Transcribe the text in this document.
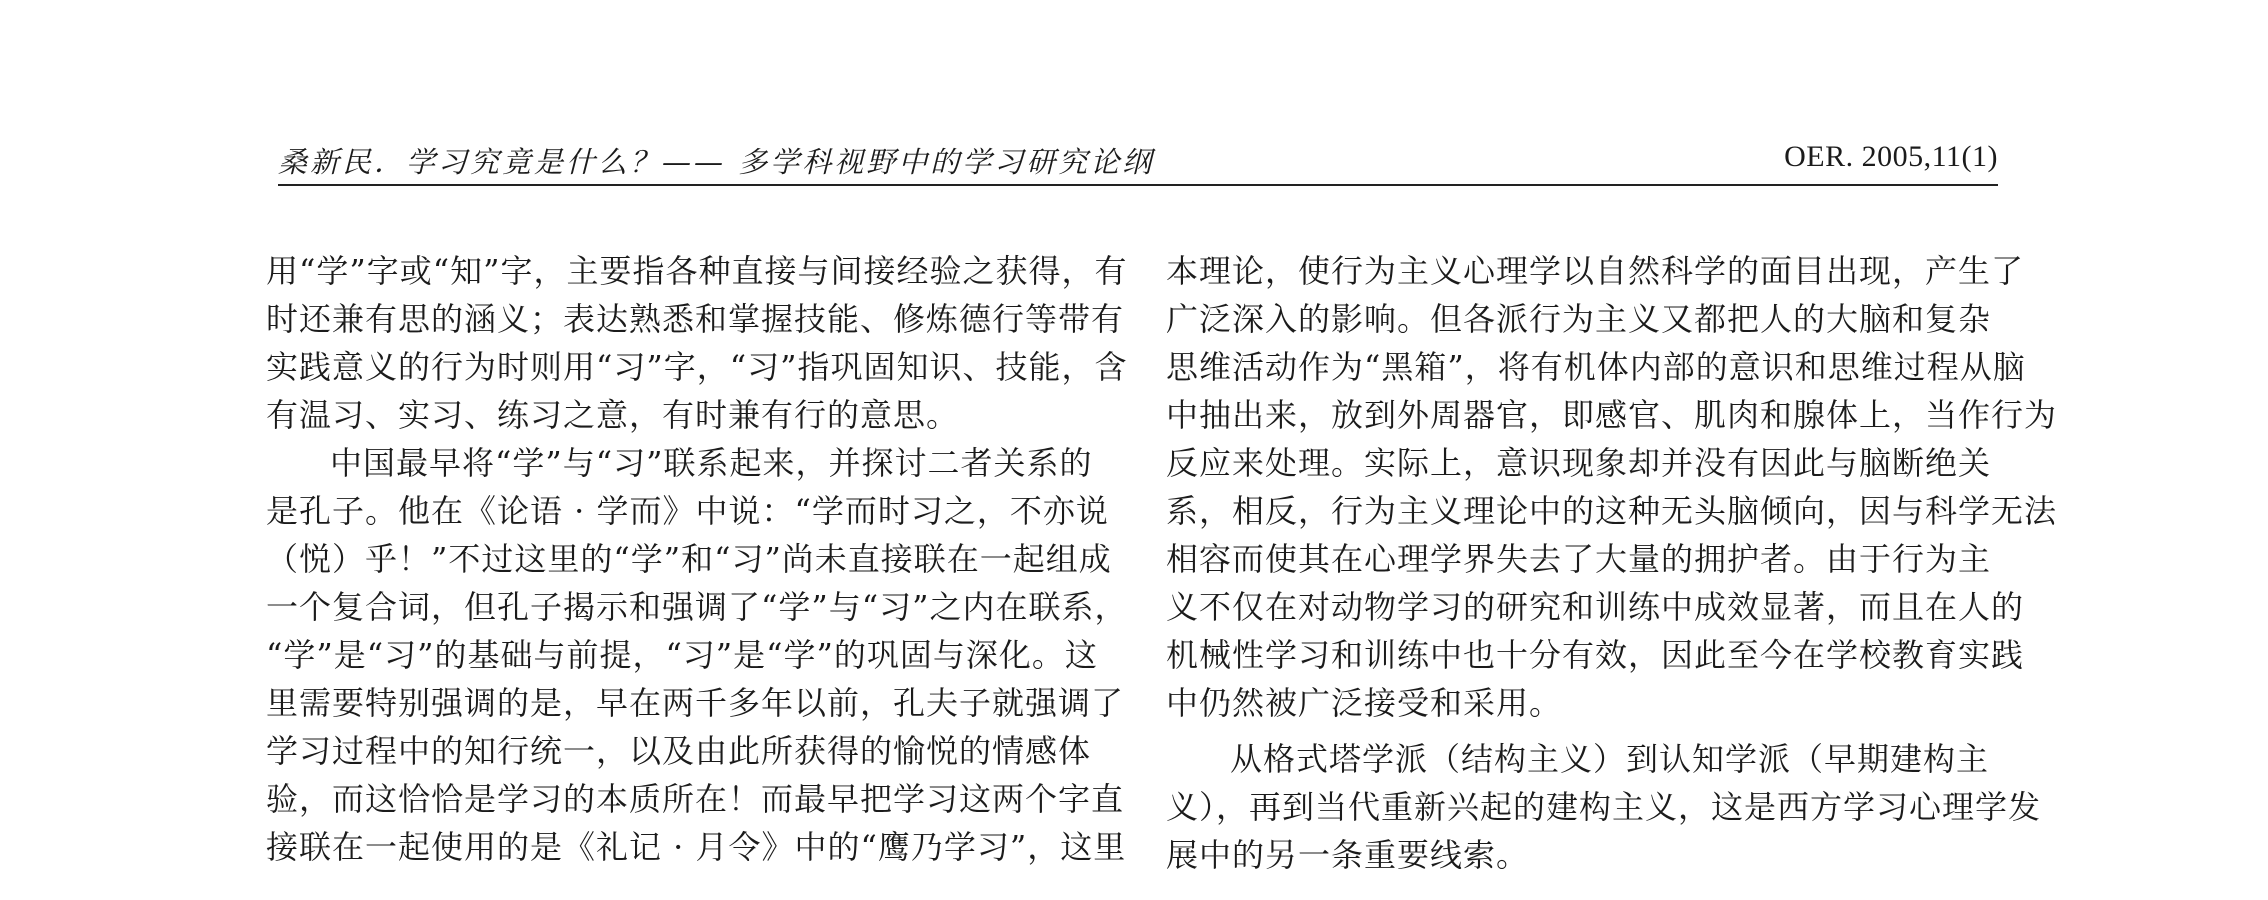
桑新民．学习究竟是什么？—— 多学科视野中的学习研究论纲	OER. 2005,11(1)

用“学”字或“知”字，主要指各种直接与间接经验之获得，有
时还兼有思的涵义；表达熟悉和掌握技能、修炼德行等带有
实践意义的行为时则用“习”字，“习”指巩固知识、技能，含
有温习、实习、练习之意，有时兼有行的意思。

中国最早将“学”与“习”联系起来，并探讨二者关系的
是孔子。他在《论语 · 学而》中说：“学而时习之，不亦说
（悦）乎！”不过这里的“学”和“习”尚未直接联在一起组成
一个复合词，但孔子揭示和强调了“学”与“习”之内在联系，
“学”是“习”的基础与前提，“习”是“学”的巩固与深化。这
里需要特别强调的是，早在两千多年以前，孔夫子就强调了
学习过程中的知行统一，以及由此所获得的愉悦的情感体
验，而这恰恰是学习的本质所在！而最早把学习这两个字直
接联在一起使用的是《礼记 · 月令》中的“鹰乃学习”，这里

本理论，使行为主义心理学以自然科学的面目出现，产生了
广泛深入的影响。但各派行为主义又都把人的大脑和复杂
思维活动作为“黑箱”，将有机体内部的意识和思维过程从脑
中抽出来，放到外周器官，即感官、肌肉和腺体上，当作行为
反应来处理。实际上，意识现象却并没有因此与脑断绝关
系，相反，行为主义理论中的这种无头脑倾向，因与科学无法
相容而使其在心理学界失去了大量的拥护者。由于行为主
义不仅在对动物学习的研究和训练中成效显著，而且在人的
机械性学习和训练中也十分有效，因此至今在学校教育实践
中仍然被广泛接受和采用。

从格式塔学派（结构主义）到认知学派（早期建构主
义），再到当代重新兴起的建构主义，这是西方学习心理学发
展中的另一条重要线索。
